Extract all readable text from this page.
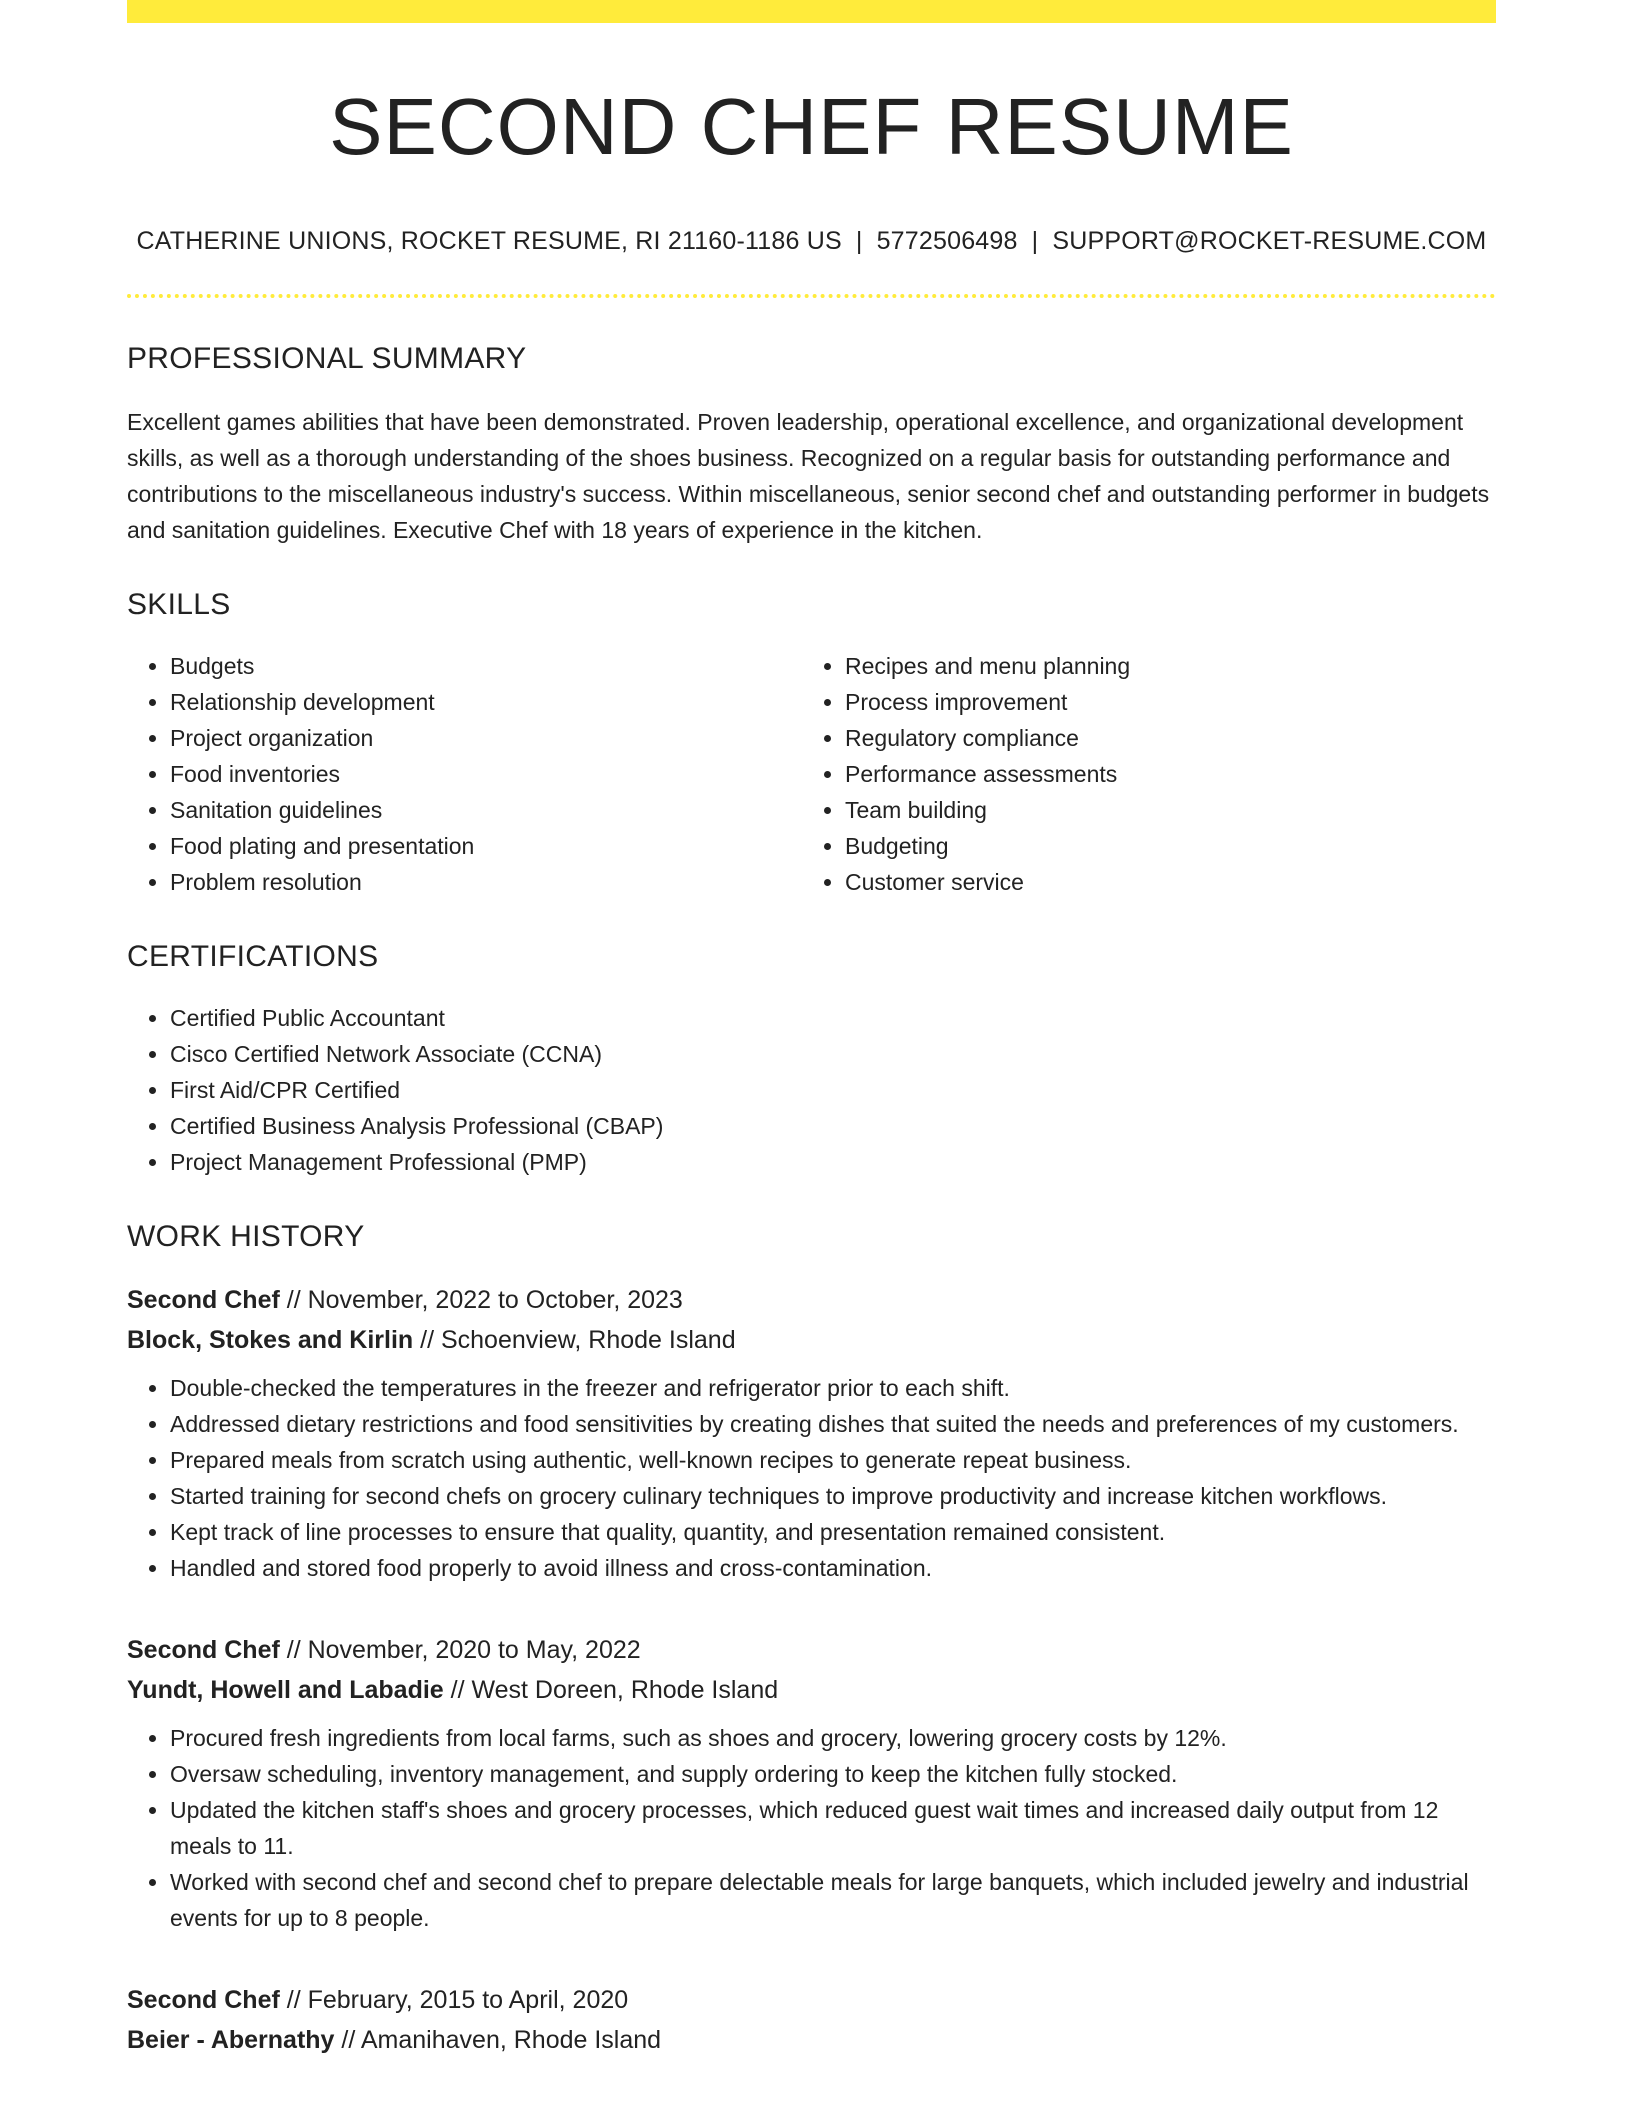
SECOND CHEF RESUME
CATHERINE UNIONS, ROCKET RESUME, RI 21160-1186 US | 5772506498 | SUPPORT@ROCKET-RESUME.COM
PROFESSIONAL SUMMARY

Excellent games abilities that have been demonstrated. Proven leadership, operational excellence, and organizational development skills, as well as a thorough understanding of the shoes business. Recognized on a regular basis for outstanding performance and contributions to the miscellaneous industry's success. Within miscellaneous, senior second chef and outstanding performer in budgets and sanitation guidelines. Executive Chef with 18 years of experience in the kitchen.

SKILLS
• Budgets
• Relationship development
• Project organization
• Food inventories
• Sanitation guidelines
• Food plating and presentation
• Problem resolution
• Recipes and menu planning
• Process improvement
• Regulatory compliance
• Performance assessments
• Team building
• Budgeting
• Customer service
CERTIFICATIONS
• Certified Public Accountant
• Cisco Certified Network Associate (CCNA)
• First Aid/CPR Certified
• Certified Business Analysis Professional (CBAP)
• Project Management Professional (PMP)
WORK HISTORY
Second Chef // November, 2022 to October, 2023
Block, Stokes and Kirlin // Schoenview, Rhode Island
• Double-checked the temperatures in the freezer and refrigerator prior to each shift.
• Addressed dietary restrictions and food sensitivities by creating dishes that suited the needs and preferences of my customers.
• Prepared meals from scratch using authentic, well-known recipes to generate repeat business.
• Started training for second chefs on grocery culinary techniques to improve productivity and increase kitchen workflows.
• Kept track of line processes to ensure that quality, quantity, and presentation remained consistent.
• Handled and stored food properly to avoid illness and cross-contamination.
Second Chef // November, 2020 to May, 2022
Yundt, Howell and Labadie // West Doreen, Rhode Island
• Procured fresh ingredients from local farms, such as shoes and grocery, lowering grocery costs by 12%.
• Oversaw scheduling, inventory management, and supply ordering to keep the kitchen fully stocked.
• Updated the kitchen staff's shoes and grocery processes, which reduced guest wait times and increased daily output from 12 meals to 11.
• Worked with second chef and second chef to prepare delectable meals for large banquets, which included jewelry and industrial events for up to 8 people.
Second Chef // February, 2015 to April, 2020
Beier - Abernathy // Amanihaven, Rhode Island
